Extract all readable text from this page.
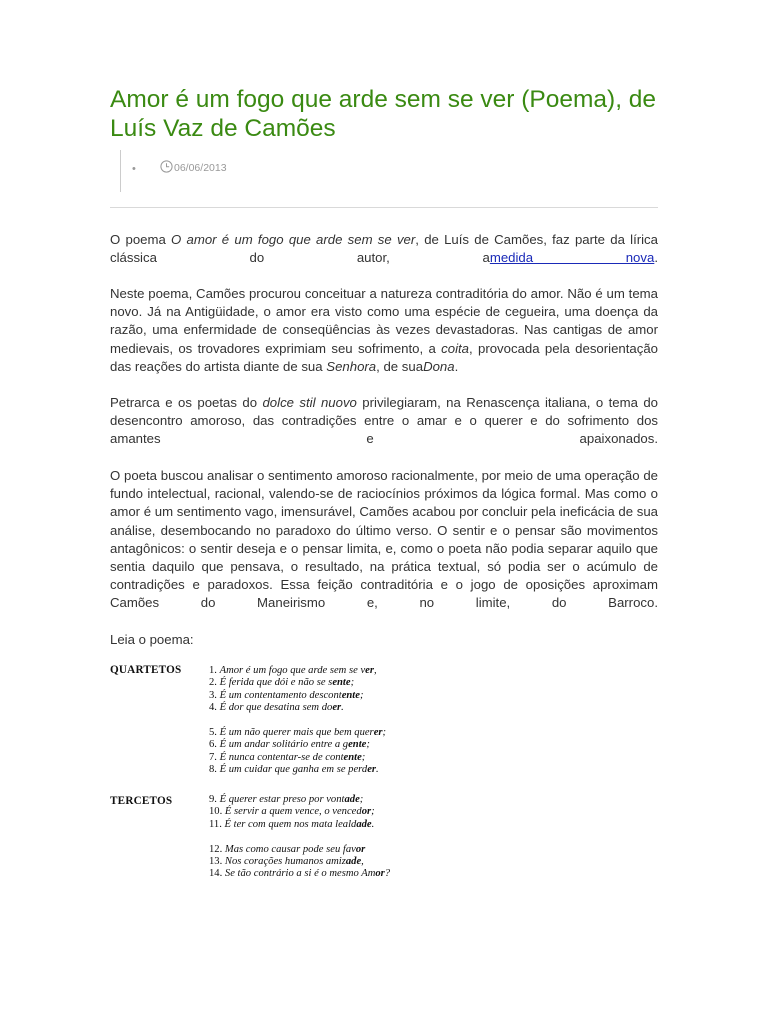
Amor é um fogo que arde sem se ver (Poema), de Luís Vaz de Camões
•	06/06/2013

O poema O amor é um fogo que arde sem se ver, de Luís de Camões, faz parte da lírica clássica do autor, amedida nova.

Neste poema, Camões procurou conceituar a natureza contraditória do amor. Não é um tema novo. Já na Antigüidade, o amor era visto como uma espécie de cegueira, uma doença da razão, uma enfermidade de conseqüências às vezes devastadoras. Nas cantigas de amor medievais, os trovadores exprimiam seu sofrimento, a coita, provocada pela desorientação das reações do artista diante de sua Senhora, de suaDona.

Petrarca e os poetas do dolce stil nuovo privilegiaram, na Renascença italiana, o tema do desencontro amoroso, das contradições entre o amar e o querer e do sofrimento dos amantes e apaixonados.

O poeta buscou analisar o sentimento amoroso racionalmente, por meio de uma operação de fundo intelectual, racional, valendo-se de raciocínios próximos da lógica formal. Mas como o amor é um sentimento vago, imensurável, Camões acabou por concluir pela ineficácia de sua análise, desembocando no paradoxo do último verso. O sentir e o pensar são movimentos antagônicos: o sentir deseja e o pensar limita, e, como o poeta não podia separar aquilo que sentia daquilo que pensava, o resultado, na prática textual, só podia ser o acúmulo de contradições e paradoxos. Essa feição contraditória e o jogo de oposições aproximam Camões do Maneirismo e, no limite, do Barroco.

Leia o poema:

QUARTETOS
TERCETOS
1. Amor é um fogo que arde sem se ver,
2. É ferida que dói e não se sente;
3. É um contentamento descontente;
4. É dor que desatina sem doer.
5. É um não querer mais que bem querer;
6. É um andar solitário entre a gente;
7. É nunca contentar-se de contente;
8. É um cuidar que ganha em se perder.
9. É querer estar preso por vontade;
10. É servir a quem vence, o vencedor;
11. É ter com quem nos mata lealdade.
12. Mas como causar pode seu favor
13. Nos corações humanos amizade,
14. Se tão contrário a si é o mesmo Amor?
